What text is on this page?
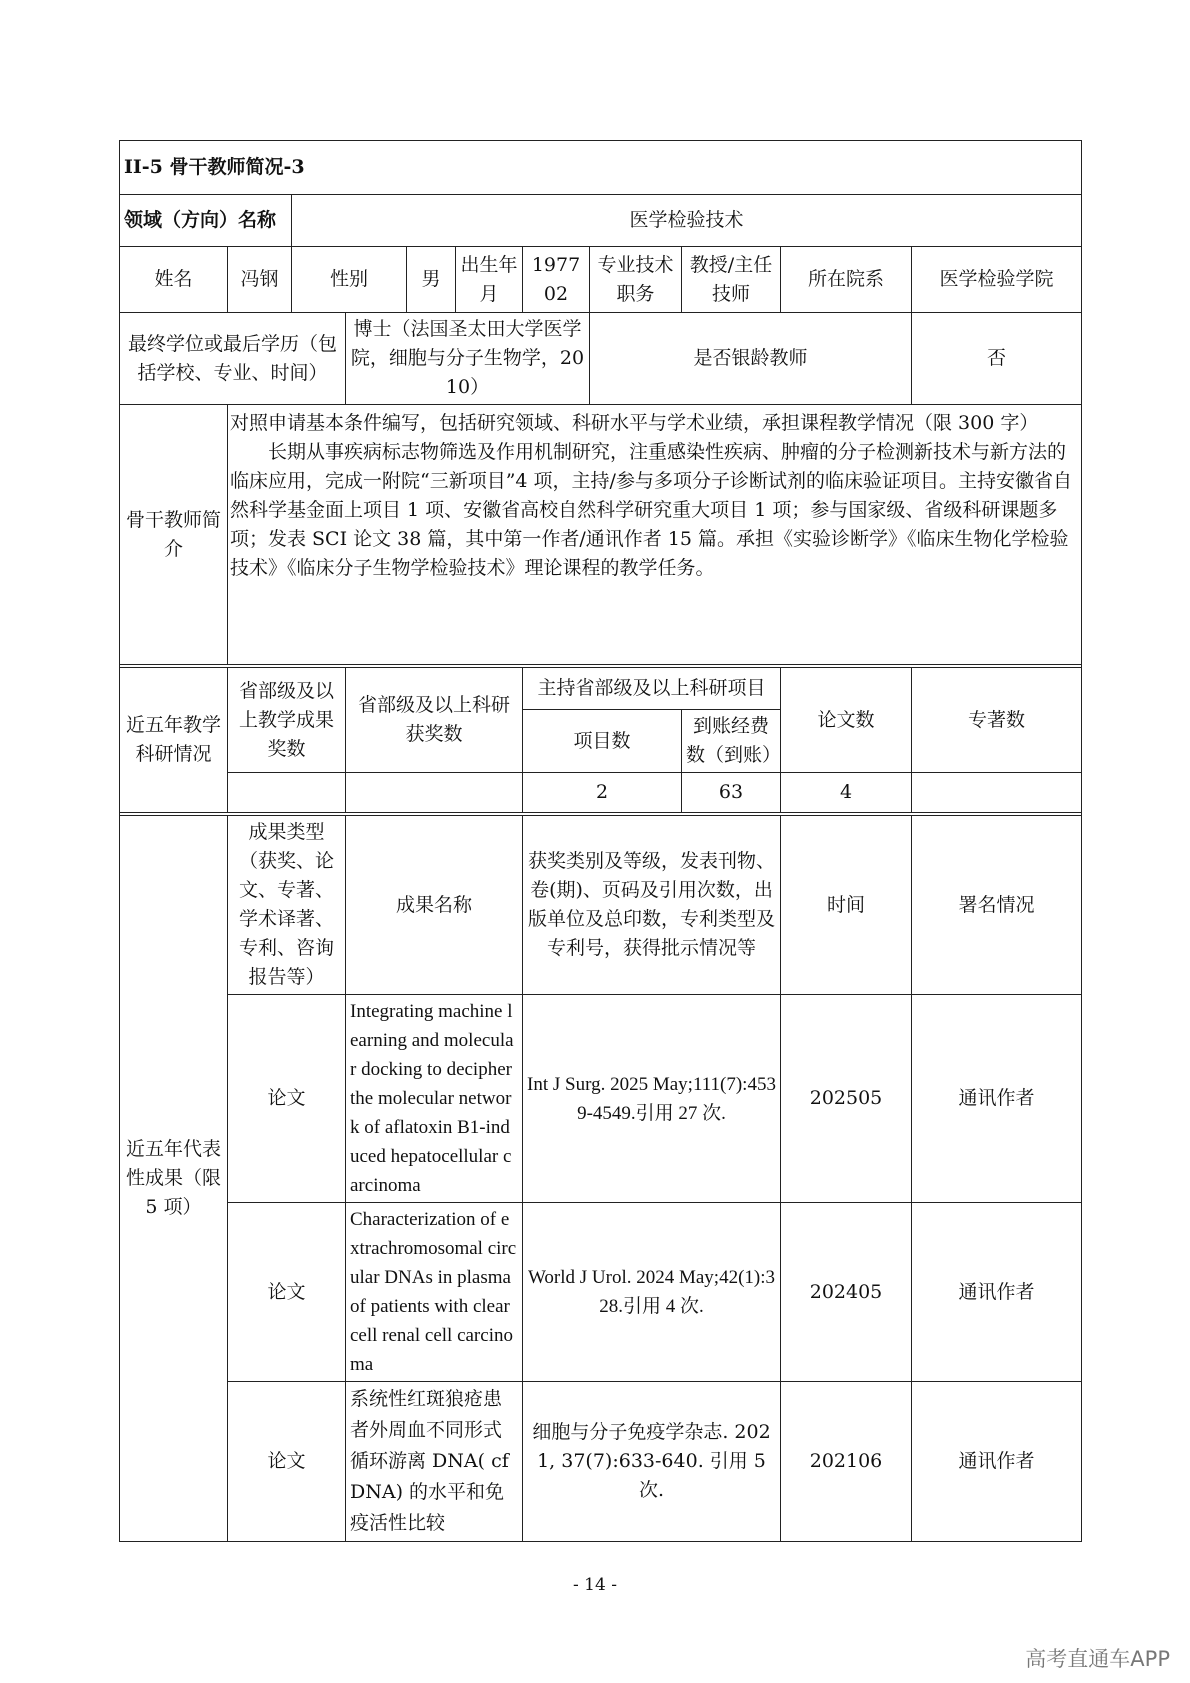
II-5 骨干教师简况-3										
领域（方向）名称		医学检验技术								
姓名	冯钢	性别		男	出生年月	197702	专业技术职务	教授/主任技师	所在院系	医学检验学院
最终学位或最后学历（包括学校、专业、时间）			博士（法国圣太田大学医学院，细胞与分子生物学，2010）				是否银龄教师			否
骨干教师简介	对照申请基本条件编写，包括研究领域、科研水平与学术业绩，承担课程教学情况（限 300 字）
长期从事疾病标志物筛选及作用机制研究，注重感染性疾病、肿瘤的分子检测新技术与新方法的临床应用，完成一附院“三新项目”4 项，主持/参与多项分子诊断试剂的临床验证项目。主持安徽省自然科学基金面上项目 1 项、安徽省高校自然科学研究重大项目 1 项；参与国家级、省级科研课题多项；发表 SCI 论文 38 篇，其中第一作者/通讯作者 15 篇。承担《实验诊断学》《临床生物化学检验技术》《临床分子生物学检验技术》理论课程的教学任务。									

近五年教学科研情况	省部级及以上教学成果奖数		省部级及以上科研获奖数			主持省部级及以上科研项目			论文数	专著数
						项目数		到账经费数（到账）		
						2		63	4	

近五年代表性成果（限 5 项）	成果类型（获奖、论文、专著、学术译著、专利、咨询报告等）		成果名称			获奖类别及等级，发表刊物、卷(期)、页码及引用次数，出版单位及总印数，专利类型及专利号，获得批示情况等			时间	署名情况
	论文		Integrating machine learning and molecular docking to decipher the molecular network of aflatoxin B1-induced hepatocellular carcinoma			Int J Surg. 2025 May;111(7):4539-4549.引用 27 次.			202505	通讯作者
	论文		Characterization of extrachromosomal circular DNAs in plasma of patients with clear cell renal cell carcinoma			World J Urol. 2024 May;42(1):328.引用 4 次.			202405	通讯作者
	论文		系统性红斑狼疮患者外周血不同形式循环游离 DNA( cfDNA) 的水平和免疫活性比较			细胞与分子免疫学杂志. 2021, 37(7):633-640. 引用 5 次.			202106	通讯作者
- 14 -
高考直通车APP
